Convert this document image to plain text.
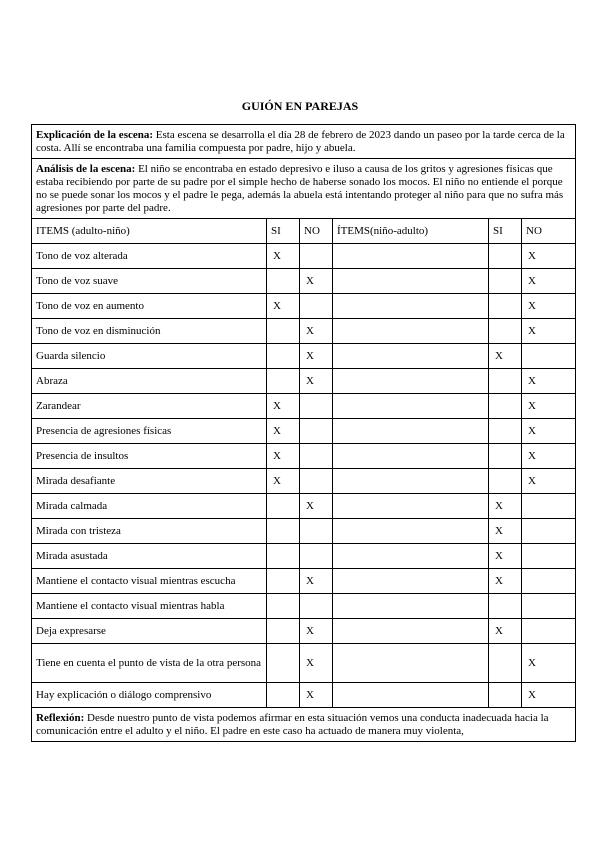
GUIÓN EN PAREJAS
Explicación de la escena: Esta escena se desarrolla el día 28 de febrero de 2023 dando un paseo por la tarde cerca de la costa. Allí se encontraba una familia compuesta por padre, hijo y abuela.					
Análisis de la escena: El niño se encontraba en estado depresivo e iluso a causa de los gritos y agresiones físicas que estaba recibiendo por parte de su padre por el simple hecho de haberse sonado los mocos. El niño no entiende el porque no se puede sonar los mocos y el padre le pega, además la abuela está intentando proteger al niño para que no sufra más agresiones por parte del padre.					
ITEMS (adulto-niño)	SI	NO	ÍTEMS(niño-adulto)	SI	NO
Tono de voz alterada	X				X
Tono de voz suave		X			X
Tono de voz en aumento	X				X
Tono de voz en disminución		X			X
Guarda silencio		X		X	
Abraza		X			X
Zarandear	X				X
Presencia de agresiones físicas	X				X
Presencia de insultos	X				X
Mirada desafiante	X				X
Mirada calmada		X		X	
Mirada con tristeza				X	
Mirada asustada				X	
Mantiene el contacto visual mientras escucha		X		X	
Mantiene el contacto visual mientras habla					
Deja expresarse		X		X	
Tiene en cuenta el punto de vista de la otra persona		X			X
Hay explicación o diálogo comprensivo		X			X
Reflexión: Desde nuestro punto de vista podemos afirmar en esta situación vemos una conducta inadecuada hacia la comunicación entre el adulto y el niño. El padre en este caso ha actuado de manera muy violenta,					
